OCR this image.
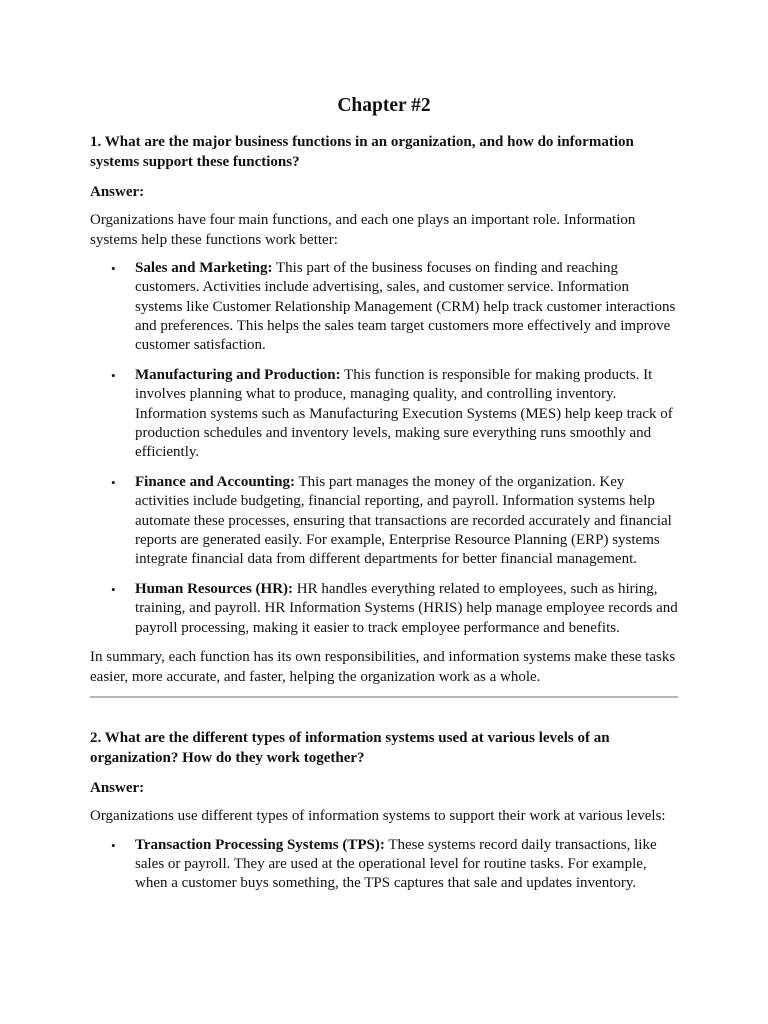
Chapter #2
1. What are the major business functions in an organization, and how do information systems support these functions?
Answer:

Organizations have four main functions, and each one plays an important role. Information systems help these functions work better:

• Sales and Marketing: This part of the business focuses on finding and reaching customers. Activities include advertising, sales, and customer service. Information systems like Customer Relationship Management (CRM) help track customer interactions and preferences. This helps the sales team target customers more effectively and improve customer satisfaction.
• Manufacturing and Production: This function is responsible for making products. It involves planning what to produce, managing quality, and controlling inventory. Information systems such as Manufacturing Execution Systems (MES) help keep track of production schedules and inventory levels, making sure everything runs smoothly and efficiently.
• Finance and Accounting: This part manages the money of the organization. Key activities include budgeting, financial reporting, and payroll. Information systems help automate these processes, ensuring that transactions are recorded accurately and financial reports are generated easily. For example, Enterprise Resource Planning (ERP) systems integrate financial data from different departments for better financial management.
• Human Resources (HR): HR handles everything related to employees, such as hiring, training, and payroll. HR Information Systems (HRIS) help manage employee records and payroll processing, making it easier to track employee performance and benefits.

In summary, each function has its own responsibilities, and information systems make these tasks easier, more accurate, and faster, helping the organization work as a whole.

2. What are the different types of information systems used at various levels of an organization? How do they work together?
Answer:

Organizations use different types of information systems to support their work at various levels:

• Transaction Processing Systems (TPS): These systems record daily transactions, like sales or payroll. They are used at the operational level for routine tasks. For example, when a customer buys something, the TPS captures that sale and updates inventory.
